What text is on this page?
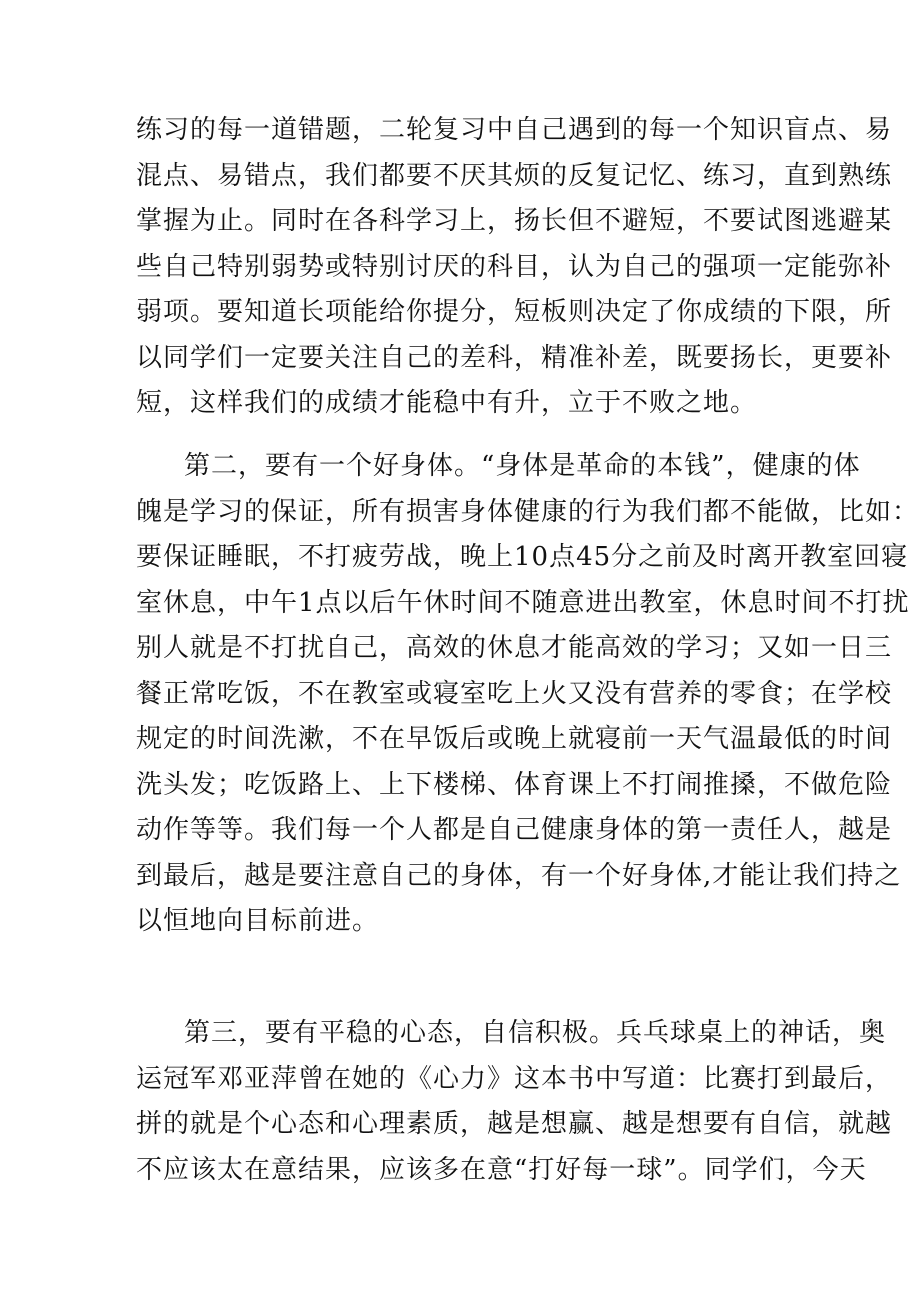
练习的每一道错题，二轮复习中自己遇到的每一个知识盲点、易
混点、易错点，我们都要不厌其烦的反复记忆、练习，直到熟练
掌握为止。同时在各科学习上，扬长但不避短，不要试图逃避某
些自己特别弱势或特别讨厌的科目，认为自己的强项一定能弥补
弱项。要知道长项能给你提分，短板则决定了你成绩的下限，所
以同学们一定要关注自己的差科，精准补差，既要扬长，更要补
短，这样我们的成绩才能稳中有升，立于不败之地。
第二，要有一个好身体。“身体是革命的本钱”，健康的体
魄是学习的保证，所有损害身体健康的行为我们都不能做，比如：
要保证睡眠，不打疲劳战，晚上10点45分之前及时离开教室回寝
室休息，中午1点以后午休时间不随意进出教室，休息时间不打扰
别人就是不打扰自己，高效的休息才能高效的学习；又如一日三
餐正常吃饭，不在教室或寝室吃上火又没有营养的零食；在学校
规定的时间洗漱，不在早饭后或晚上就寝前一天气温最低的时间
洗头发；吃饭路上、上下楼梯、体育课上不打闹推搡，不做危险
动作等等。我们每一个人都是自己健康身体的第一责任人，越是
到最后，越是要注意自己的身体，有一个好身体,才能让我们持之
以恒地向目标前进。
第三，要有平稳的心态，自信积极。兵乓球桌上的神话，奥
运冠军邓亚萍曾在她的《心力》这本书中写道：比赛打到最后，
拼的就是个心态和心理素质，越是想赢、越是想要有自信，就越
不应该太在意结果，应该多在意“打好每一球”。同学们，今天
